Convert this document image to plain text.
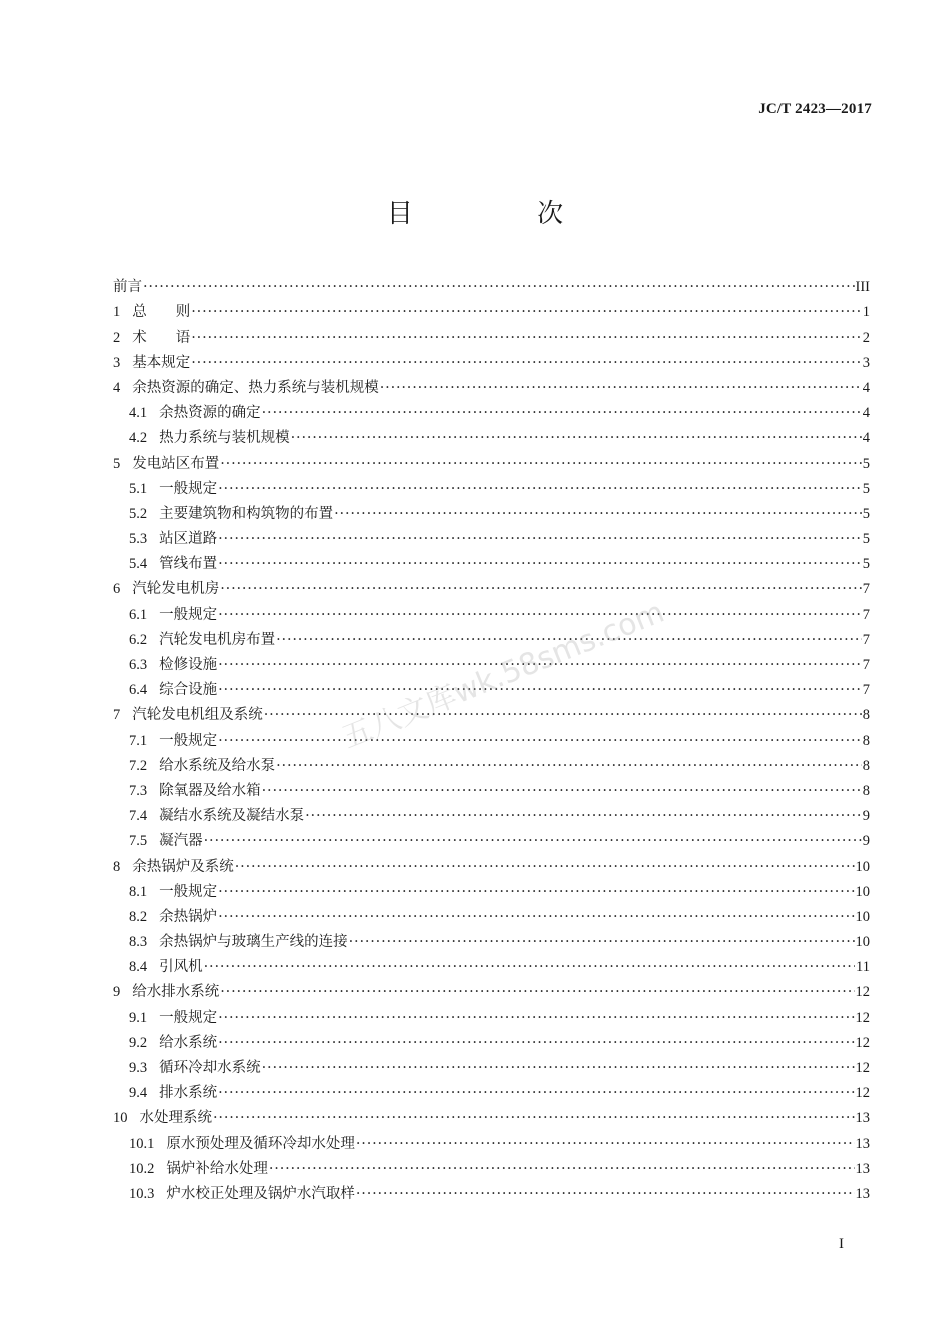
JC/T 2423—2017
目 次
前言 ·····	III
1 总　　则 ·····	1
2 术　　语 ·····	2
3 基本规定 ·····	3
4 余热资源的确定、热力系统与装机规模 ·····	4
4.1 余热资源的确定 ·····	4
4.2 热力系统与装机规模 ·····	4
5 发电站区布置 ·····	5
5.1 一般规定 ·····	5
5.2 主要建筑物和构筑物的布置 ·····	5
5.3 站区道路 ·····	5
5.4 管线布置 ·····	5
6 汽轮发电机房 ·····	7
6.1 一般规定 ·····	7
6.2 汽轮发电机房布置 ·····	7
6.3 检修设施 ·····	7
6.4 综合设施 ·····	7
7 汽轮发电机组及系统 ·····	8
7.1 一般规定 ·····	8
7.2 给水系统及给水泵 ·····	8
7.3 除氧器及给水箱 ·····	8
7.4 凝结水系统及凝结水泵 ·····	9
7.5 凝汽器 ·····	9
8 余热锅炉及系统 ·····	10
8.1 一般规定 ·····	10
8.2 余热锅炉 ·····	10
8.3 余热锅炉与玻璃生产线的连接 ·····	10
8.4 引风机 ·····	11
9 给水排水系统 ·····	12
9.1 一般规定 ·····	12
9.2 给水系统 ·····	12
9.3 循环冷却水系统 ·····	12
9.4 排水系统 ·····	12
10 水处理系统 ·····	13
10.1 原水预处理及循环冷却水处理 ·····	13
10.2 锅炉补给水处理 ·····	13
10.3 炉水校正处理及锅炉水汽取样 ·····	13
五八文库wk.58sms.com
I
